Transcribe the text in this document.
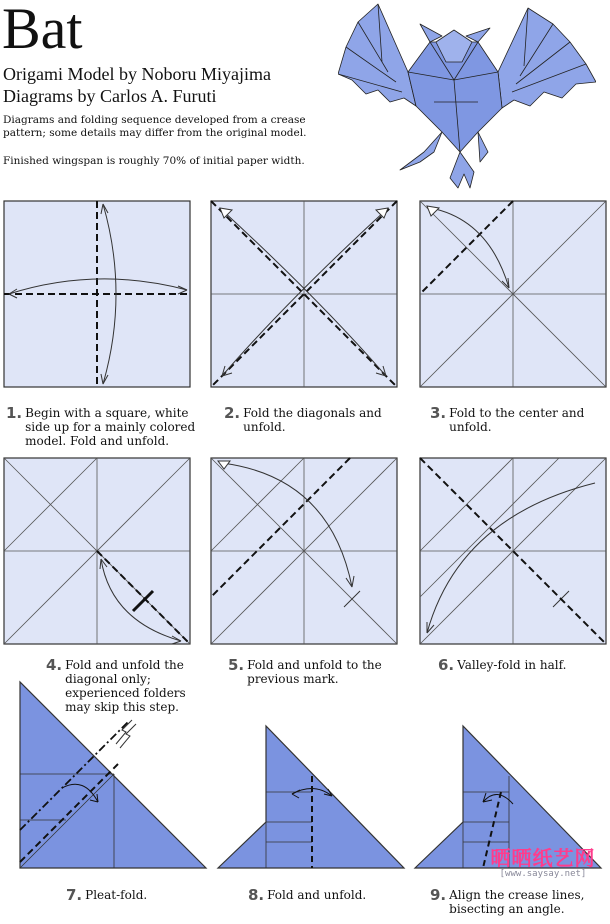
Bat
Origami Model by Noboru Miyajima
Diagrams by Carlos A. Furuti
Diagrams and folding sequence developed from a crease pattern; some details may differ from the original model.
Finished wingspan is roughly 70% of initial paper width.
1. Begin with a square, white
side up for a mainly colored
model. Fold and unfold.
2. Fold the diagonals and
unfold.
3. Fold to the center and
unfold.
4. Fold and unfold the
diagonal only;
experienced folders
may skip this step.
5. Fold and unfold to the
previous mark.
6. Valley-fold in half.
7. Pleat-fold.	8. Fold and unfold.	9. Align the crease lines,
bisecting an angle.
晒晒纸艺网
[www.saysay.net]
